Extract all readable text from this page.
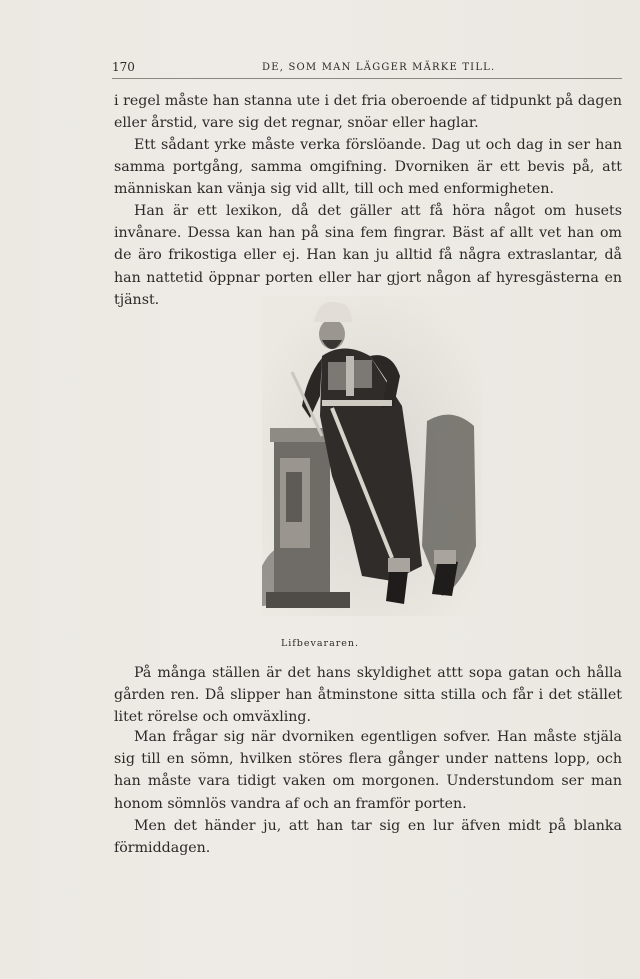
170	DE, SOM MAN LÄGGER MÄRKE TILL.

i regel måste han stanna ute i det fria oberoende af tidpunkt på dagen eller årstid, vare sig det regnar, snöar eller haglar.

Ett sådant yrke måste verka förslöande. Dag ut och dag in ser han samma portgång, samma omgifning. Dvorniken är ett bevis på, att människan kan vänja sig vid allt, till och med enformigheten.

Han är ett lexikon, då det gäller att få höra något om husets invånare. Dessa kan han på sina fem fingrar. Bäst af allt vet han om de äro frikostiga eller ej. Han kan ju alltid få några extraslantar, då han nattetid öppnar porten eller har gjort någon af hyresgästerna en tjänst.

Lifbevararen.

På många ställen är det hans skyldighet attt sopa gatan och hålla gården ren. Då slipper han åtminstone sitta stilla och får i det stället litet rörelse och omväxling.

Man frågar sig när dvorniken egentligen sofver. Han måste stjäla sig till en sömn, hvilken störes flera gånger under nattens lopp, och han måste vara tidigt vaken om morgonen. Understundom ser man honom sömnlös vandra af och an framför porten.

Men det händer ju, att han tar sig en lur äfven midt på blanka förmiddagen.
